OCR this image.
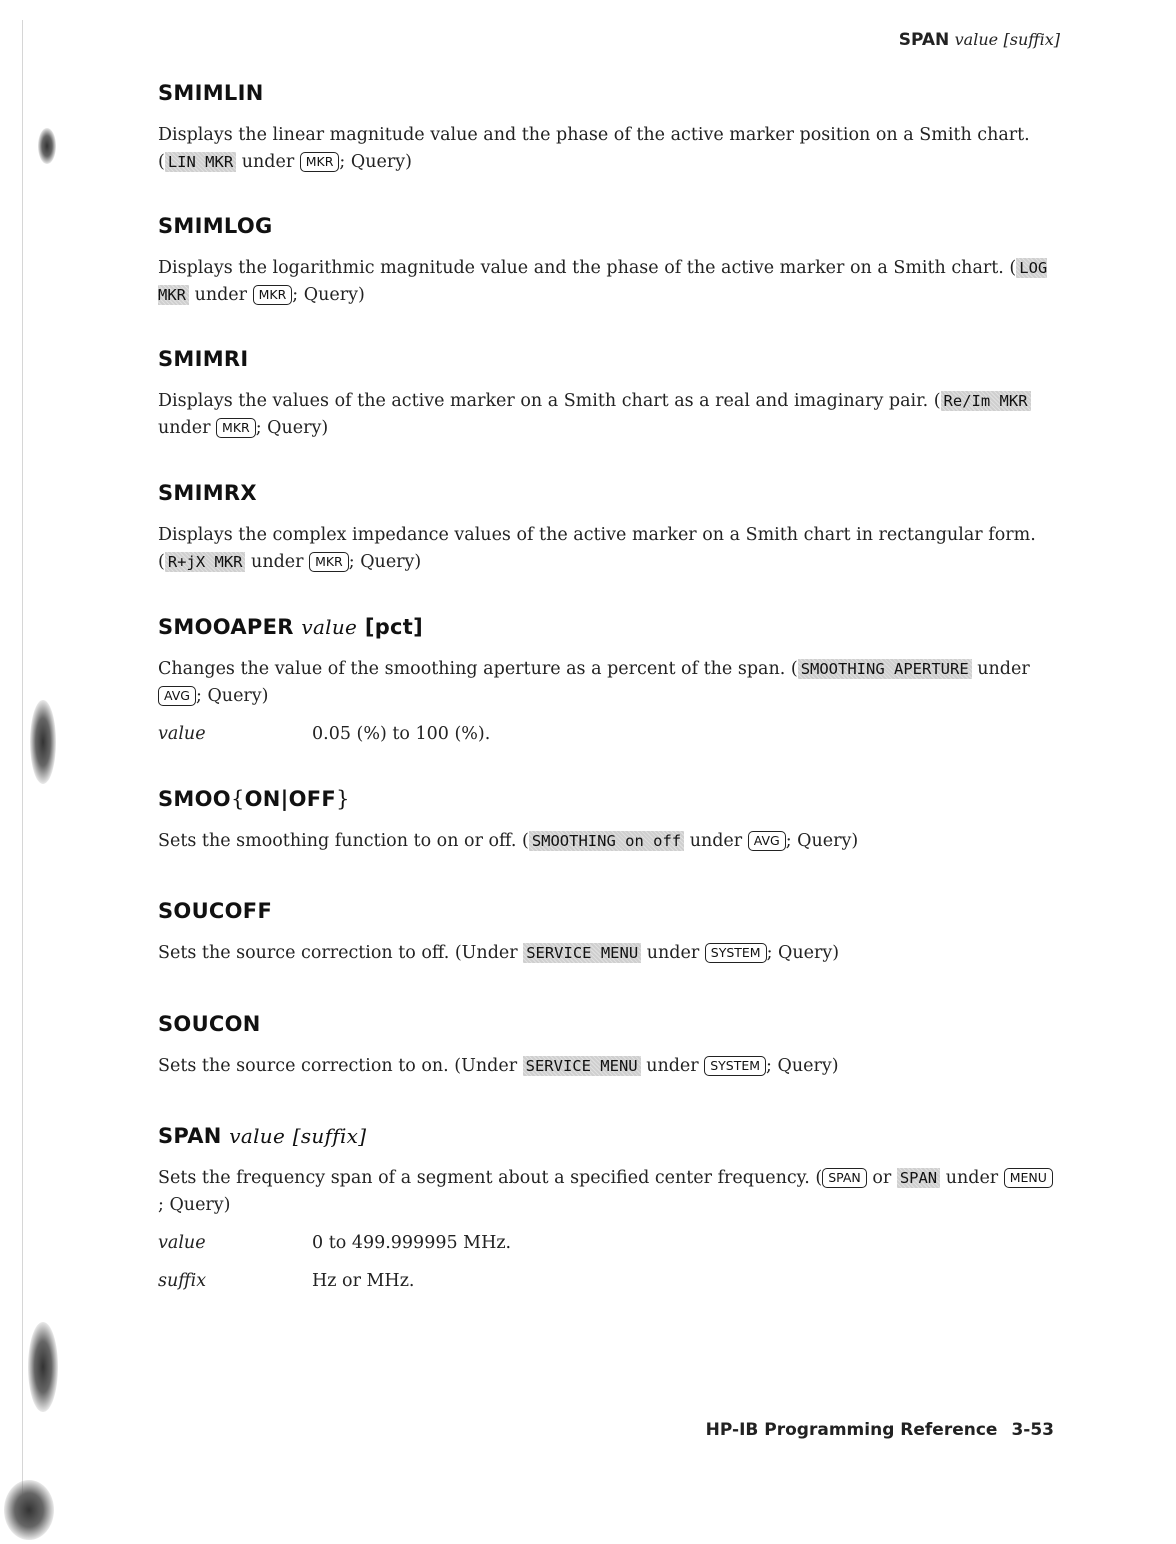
SPAN value [suffix]
SMIMLIN

Displays the linear magnitude value and the phase of the active marker position on a Smith chart. ( LIN MKR under MKR ; Query)

SMIMLOG

Displays the logarithmic magnitude value and the phase of the active marker on a Smith chart. ( LOG MKR under MKR ; Query)

SMIMRI

Displays the values of the active marker on a Smith chart as a real and imaginary pair. ( Re/Im MKR under MKR ; Query)

SMIMRX

Displays the complex impedance values of the active marker on a Smith chart in rectangular form. ( R+jX MKR under MKR ; Query)

SMOOAPER value [pct]

Changes the value of the smoothing aperture as a percent of the span. ( SMOOTHING APERTURE under AVG ; Query)

value	0.05 (%) to 100 (%).
SMOO{ON|OFF}

Sets the smoothing function to on or off. ( SMOOTHING on off under AVG ; Query)

SOUCOFF

Sets the source correction to off. (Under SERVICE MENU under SYSTEM ; Query)

SOUCON

Sets the source correction to on. (Under SERVICE MENU under SYSTEM ; Query)

SPAN value [suffix]

Sets the frequency span of a segment about a specified center frequency. ( SPAN or SPAN under MENU; Query)

value	0 to 499.999995 MHz.
suffix	Hz or MHz.
HP-IB Programming Reference 3-53
